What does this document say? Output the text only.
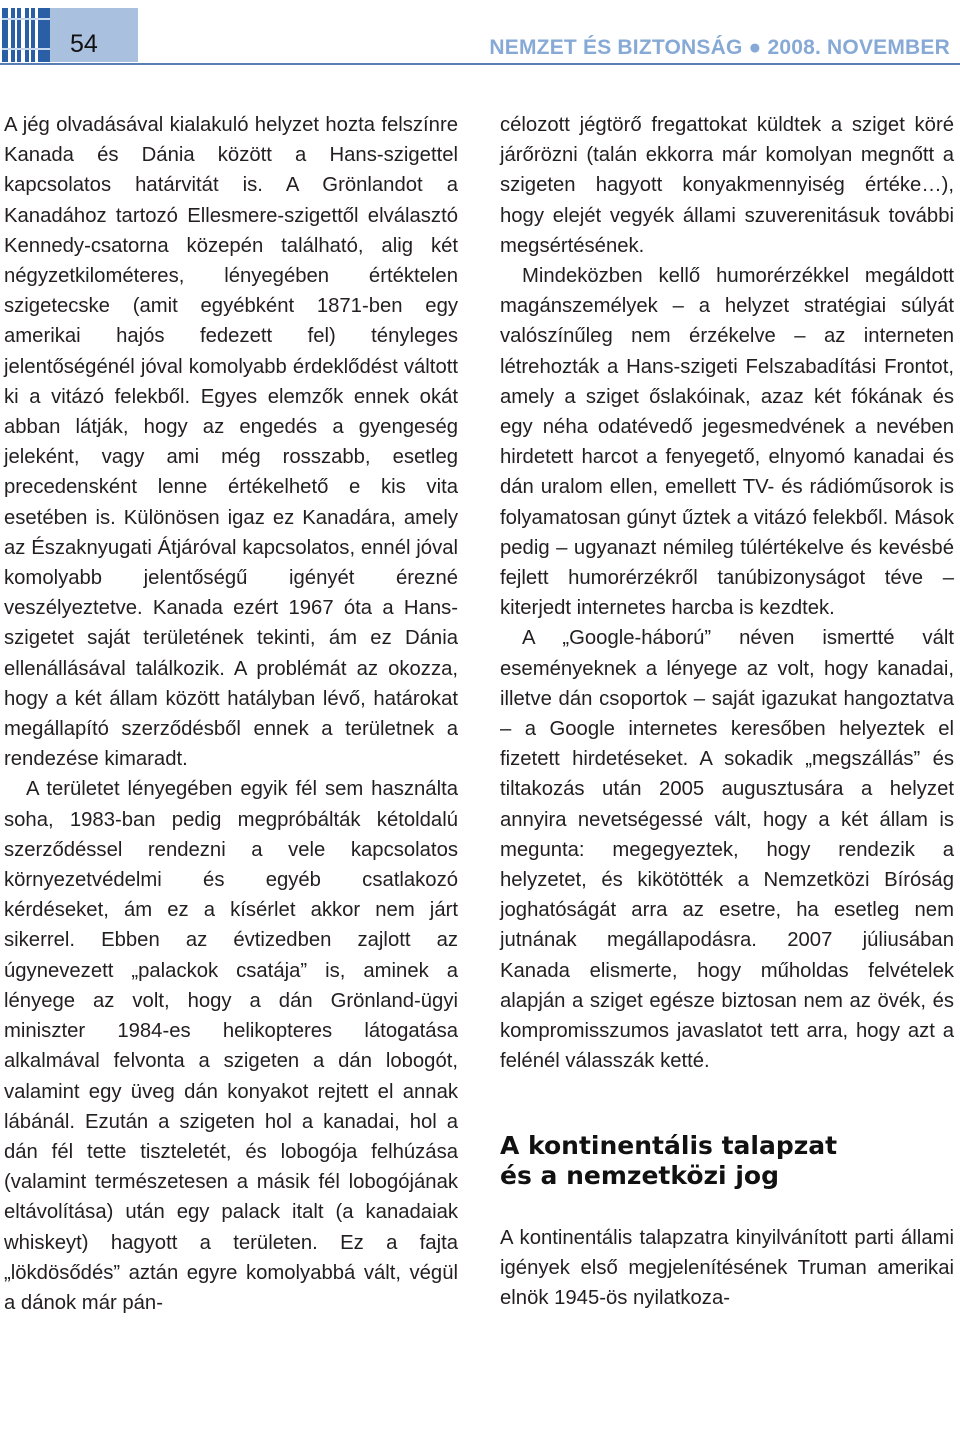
54	NEMZET ÉS BIZTONSÁG ● 2008. NOVEMBER

A jég olvadásával kialakuló helyzet hozta felszínre Kanada és Dánia között a Hans-szigettel kapcsolatos határvitát is. A Grönlandot a Kanadához tartozó Ellesmere-szigettől elválasztó Kennedy-csatorna közepén található, alig két négyzetkilométeres, lényegében értéktelen szigetecske (amit egyébként 1871-ben egy amerikai hajós fedezett fel) tényleges jelentőségénél jóval komolyabb érdeklődést váltott ki a vitázó felekből. Egyes elemzők ennek okát abban látják, hogy az engedés a gyengeség jeleként, vagy ami még rosszabb, esetleg precedensként lenne értékelhető e kis vita esetében is. Különösen igaz ez Kanadára, amely az Északnyugati Átjáróval kapcsolatos, ennél jóval komolyabb jelentőségű igényét érezné veszélyeztetve. Kanada ezért 1967 óta a Hans-szigetet saját területének tekinti, ám ez Dánia ellenállásával találkozik. A problémát az okozza, hogy a két állam között hatályban lévő, határokat megállapító szerződésből ennek a területnek a rendezése kimaradt.

A területet lényegében egyik fél sem használta soha, 1983-ban pedig megpróbálták kétoldalú szerződéssel rendezni a vele kapcsolatos környezetvédelmi és egyéb csatlakozó kérdéseket, ám ez a kísérlet akkor nem járt sikerrel. Ebben az évtizedben zajlott az úgynevezett „palackok csatája” is, aminek a lényege az volt, hogy a dán Grönland-ügyi miniszter 1984-es helikopteres látogatása alkalmával felvonta a szigeten a dán lobogót, valamint egy üveg dán konyakot rejtett el annak lábánál. Ezután a szigeten hol a kanadai, hol a dán fél tette tiszteletét, és lobogója felhúzása (valamint természetesen a másik fél lobogójának eltávolítása) után egy palack italt (a kanadaiak whiskeyt) hagyott a területen. Ez a fajta „lökdösődés” aztán egyre komolyabbá vált, végül a dánok már pán-

célozott jégtörő fregattokat küldtek a sziget köré járőrözni (talán ekkorra már komolyan megnőtt a szigeten hagyott konyakmennyiség értéke…), hogy elejét vegyék állami szuverenitásuk további megsértésének.

Mindeközben kellő humorérzékkel megáldott magánszemélyek – a helyzet stratégiai súlyát valószínűleg nem érzékelve – az interneten létrehozták a Hans-szigeti Felszabadítási Frontot, amely a sziget őslakóinak, azaz két fókának és egy néha odatévedő jegesmedvének a nevében hirdetett harcot a fenyegető, elnyomó kanadai és dán uralom ellen, emellett TV- és rádióműsorok is folyamatosan gúnyt űztek a vitázó felekből. Mások pedig – ugyanazt némileg túlértékelve és kevésbé fejlett humorérzékről tanúbizonyságot téve – kiterjedt internetes harcba is kezdtek.

A „Google-háború” néven ismertté vált eseményeknek a lényege az volt, hogy kanadai, illetve dán csoportok – saját igazukat hangoztatva – a Google internetes keresőben helyeztek el fizetett hirdetéseket. A sokadik „megszállás” és tiltakozás után 2005 augusztusára a helyzet annyira nevetségessé vált, hogy a két állam is megunta: megegyeztek, hogy rendezik a helyzetet, és kikötötték a Nemzetközi Bíróság joghatóságát arra az esetre, ha esetleg nem jutnának megállapodásra. 2007 júliusában Kanada elismerte, hogy műholdas felvételek alapján a sziget egésze biztosan nem az övék, és kompromisszumos javaslatot tett arra, hogy azt a felénél válasszák ketté.

A kontinentális talapzat
és a nemzetközi jog

A kontinentális talapzatra kinyilvánított parti állami igények első megjelenítésének Truman amerikai elnök 1945-ös nyilatkoza-
